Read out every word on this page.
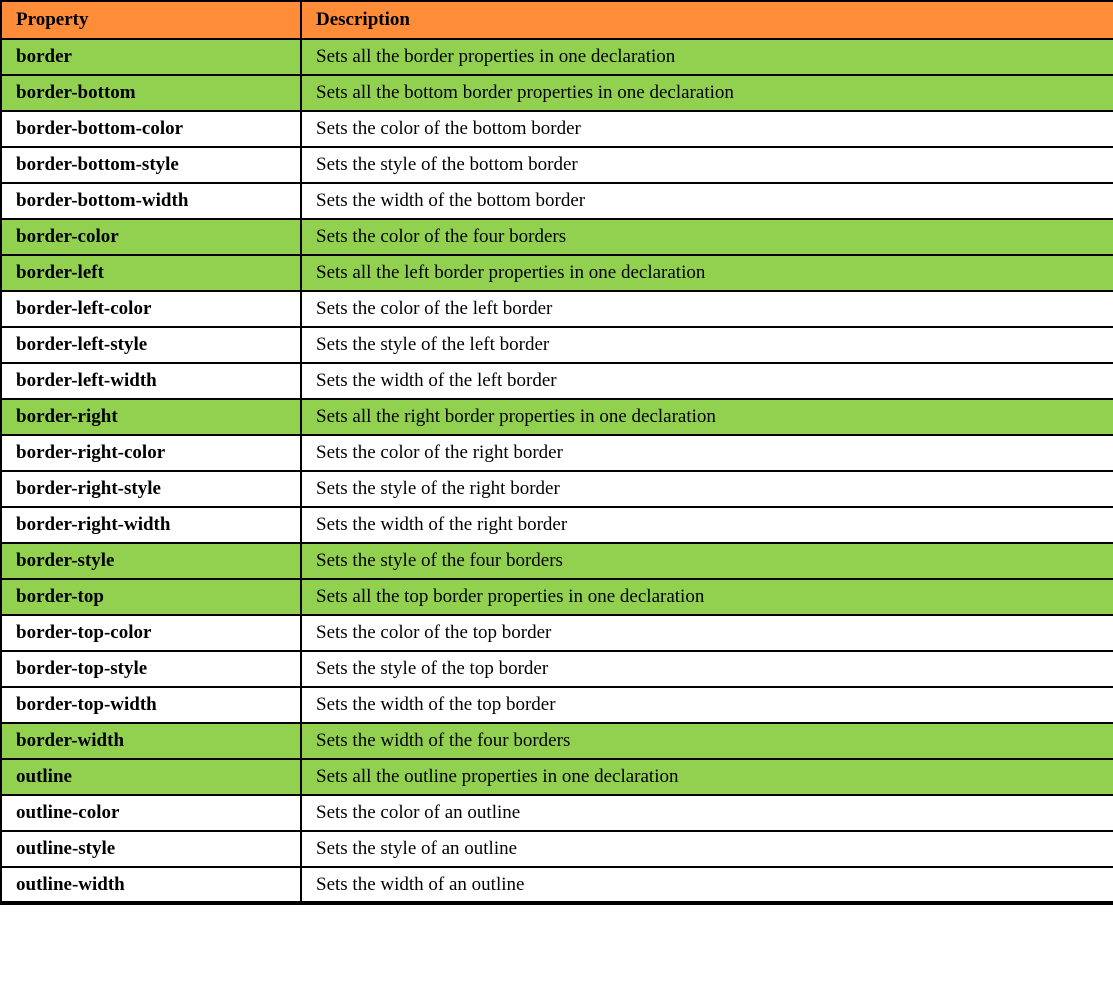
Property	Description
border	Sets all the border properties in one declaration
border-bottom	Sets all the bottom border properties in one declaration
border-bottom-color	Sets the color of the bottom border
border-bottom-style	Sets the style of the bottom border
border-bottom-width	Sets the width of the bottom border
border-color	Sets the color of the four borders
border-left	Sets all the left border properties in one declaration
border-left-color	Sets the color of the left border
border-left-style	Sets the style of the left border
border-left-width	Sets the width of the left border
border-right	Sets all the right border properties in one declaration
border-right-color	Sets the color of the right border
border-right-style	Sets the style of the right border
border-right-width	Sets the width of the right border
border-style	Sets the style of the four borders
border-top	Sets all the top border properties in one declaration
border-top-color	Sets the color of the top border
border-top-style	Sets the style of the top border
border-top-width	Sets the width of the top border
border-width	Sets the width of the four borders
outline	Sets all the outline properties in one declaration
outline-color	Sets the color of an outline
outline-style	Sets the style of an outline
outline-width	Sets the width of an outline
